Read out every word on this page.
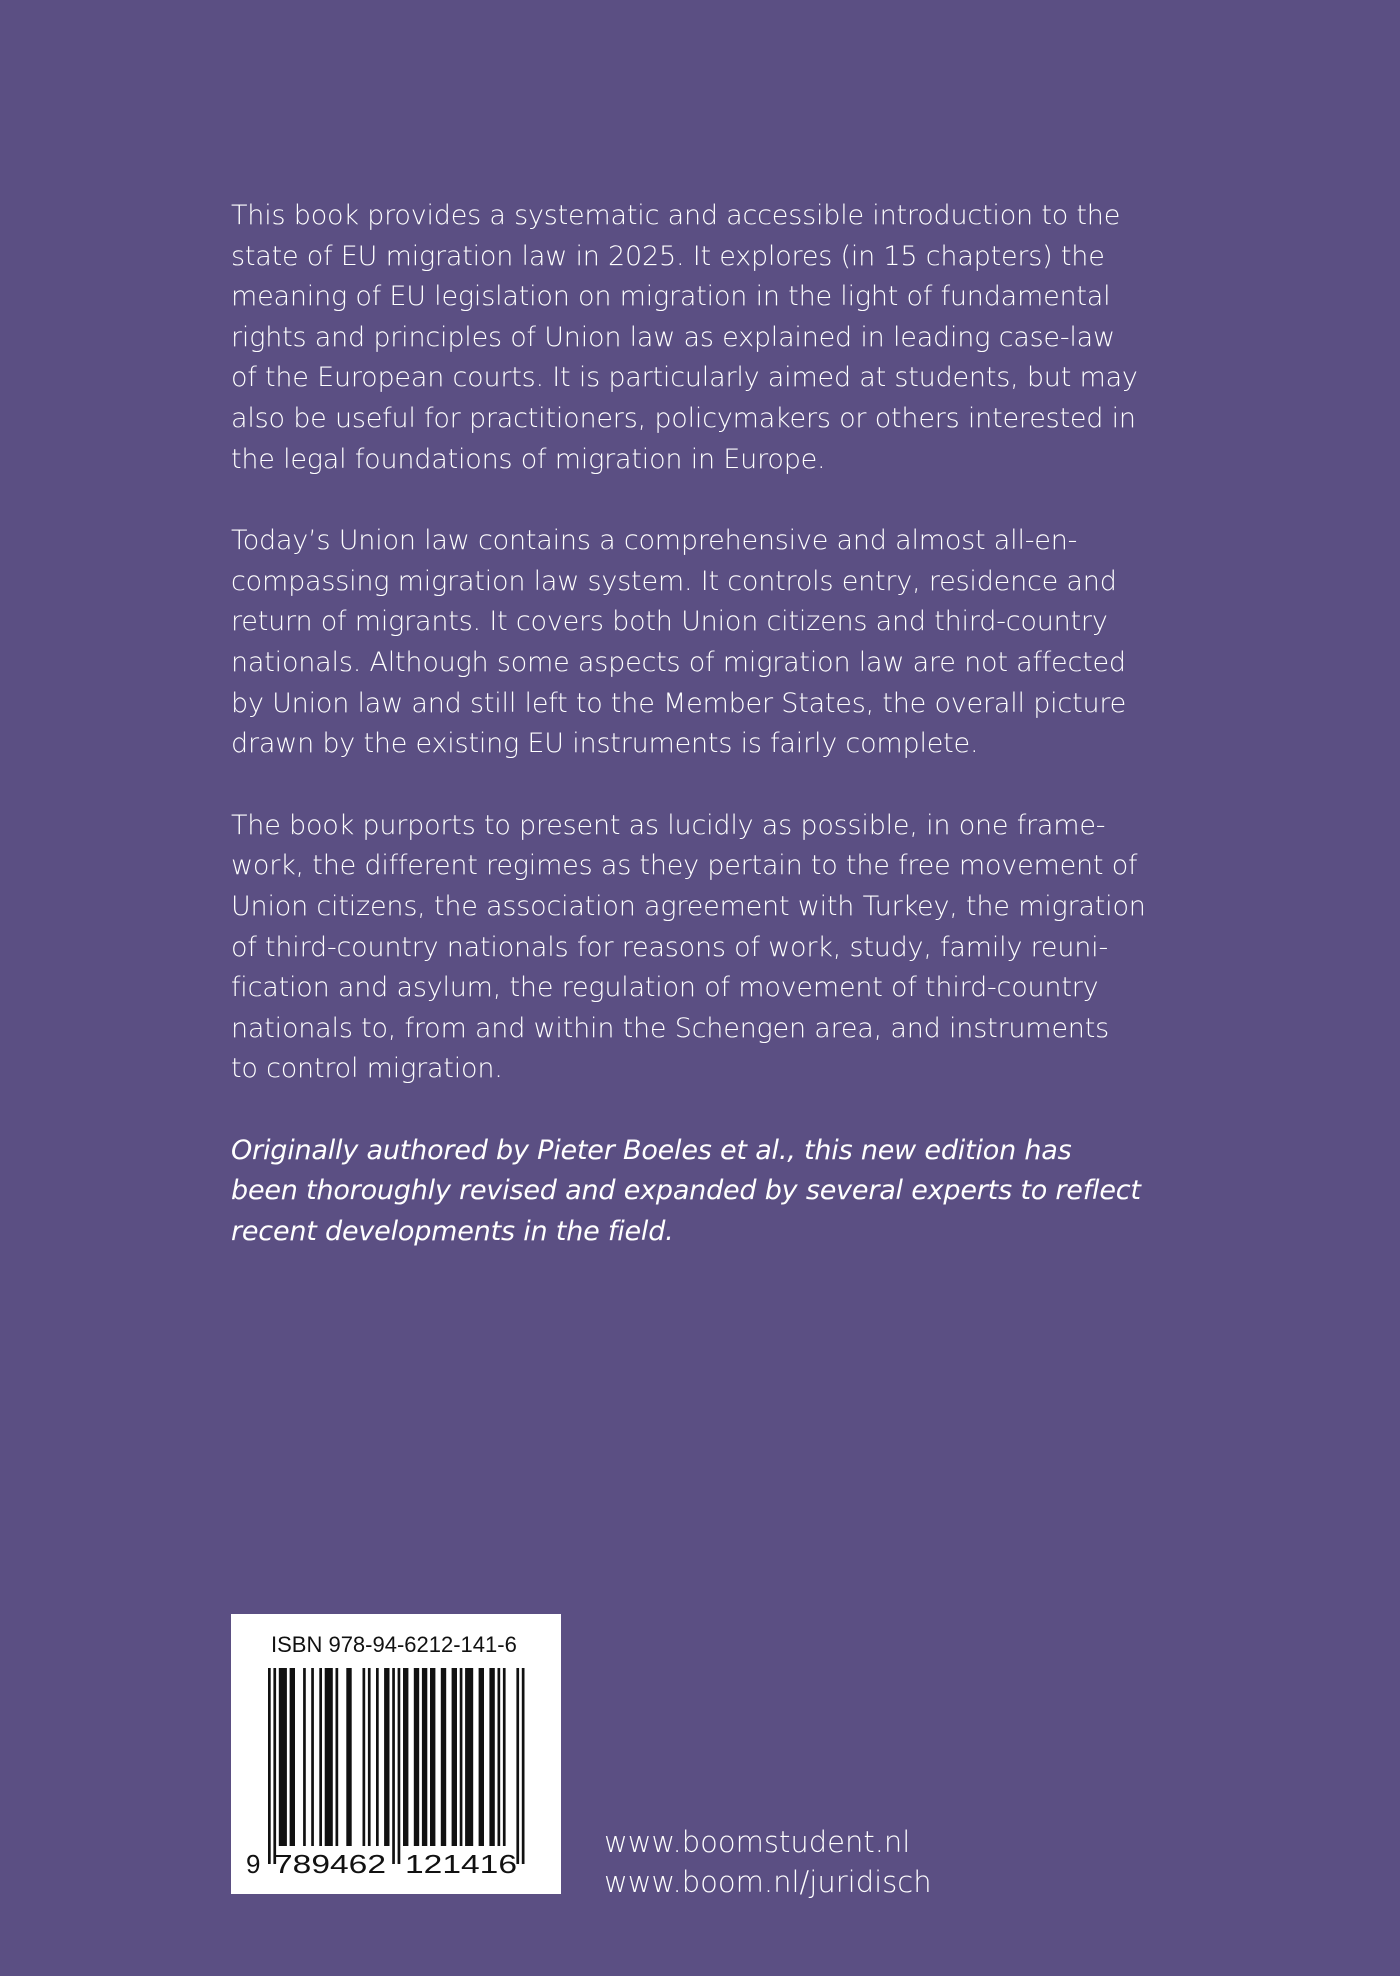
This book provides a systematic and accessible introduction to the
state of EU migration law in 2025. It explores (in 15 chapters) the
meaning of EU legislation on migration in the light of fundamental
rights and principles of Union law as explained in leading case-law
of the European courts. It is particularly aimed at students, but may
also be useful for practitioners, policymakers or others interested in
the legal foundations of migration in Europe.

Today’s Union law contains a comprehensive and almost all-en-
compassing migration law system. It controls entry, residence and
return of migrants. It covers both Union citizens and third-country
nationals. Although some aspects of migration law are not affected
by Union law and still left to the Member States, the overall picture
drawn by the existing EU instruments is fairly complete.

The book purports to present as lucidly as possible, in one frame-
work, the different regimes as they pertain to the free movement of
Union citizens, the association agreement with Turkey, the migration
of third-country nationals for reasons of work, study, family reuni-
fication and asylum, the regulation of movement of third-country
nationals to, from and within the Schengen area, and instruments
to control migration.

Originally authored by Pieter Boeles et al., this new edition has
been thoroughly revised and expanded by several experts to reflect
recent developments in the field.

ISBN 978-94-6212-141-6
9 789462 121416
www.boomstudent.nl
www.boom.nl/juridisch
